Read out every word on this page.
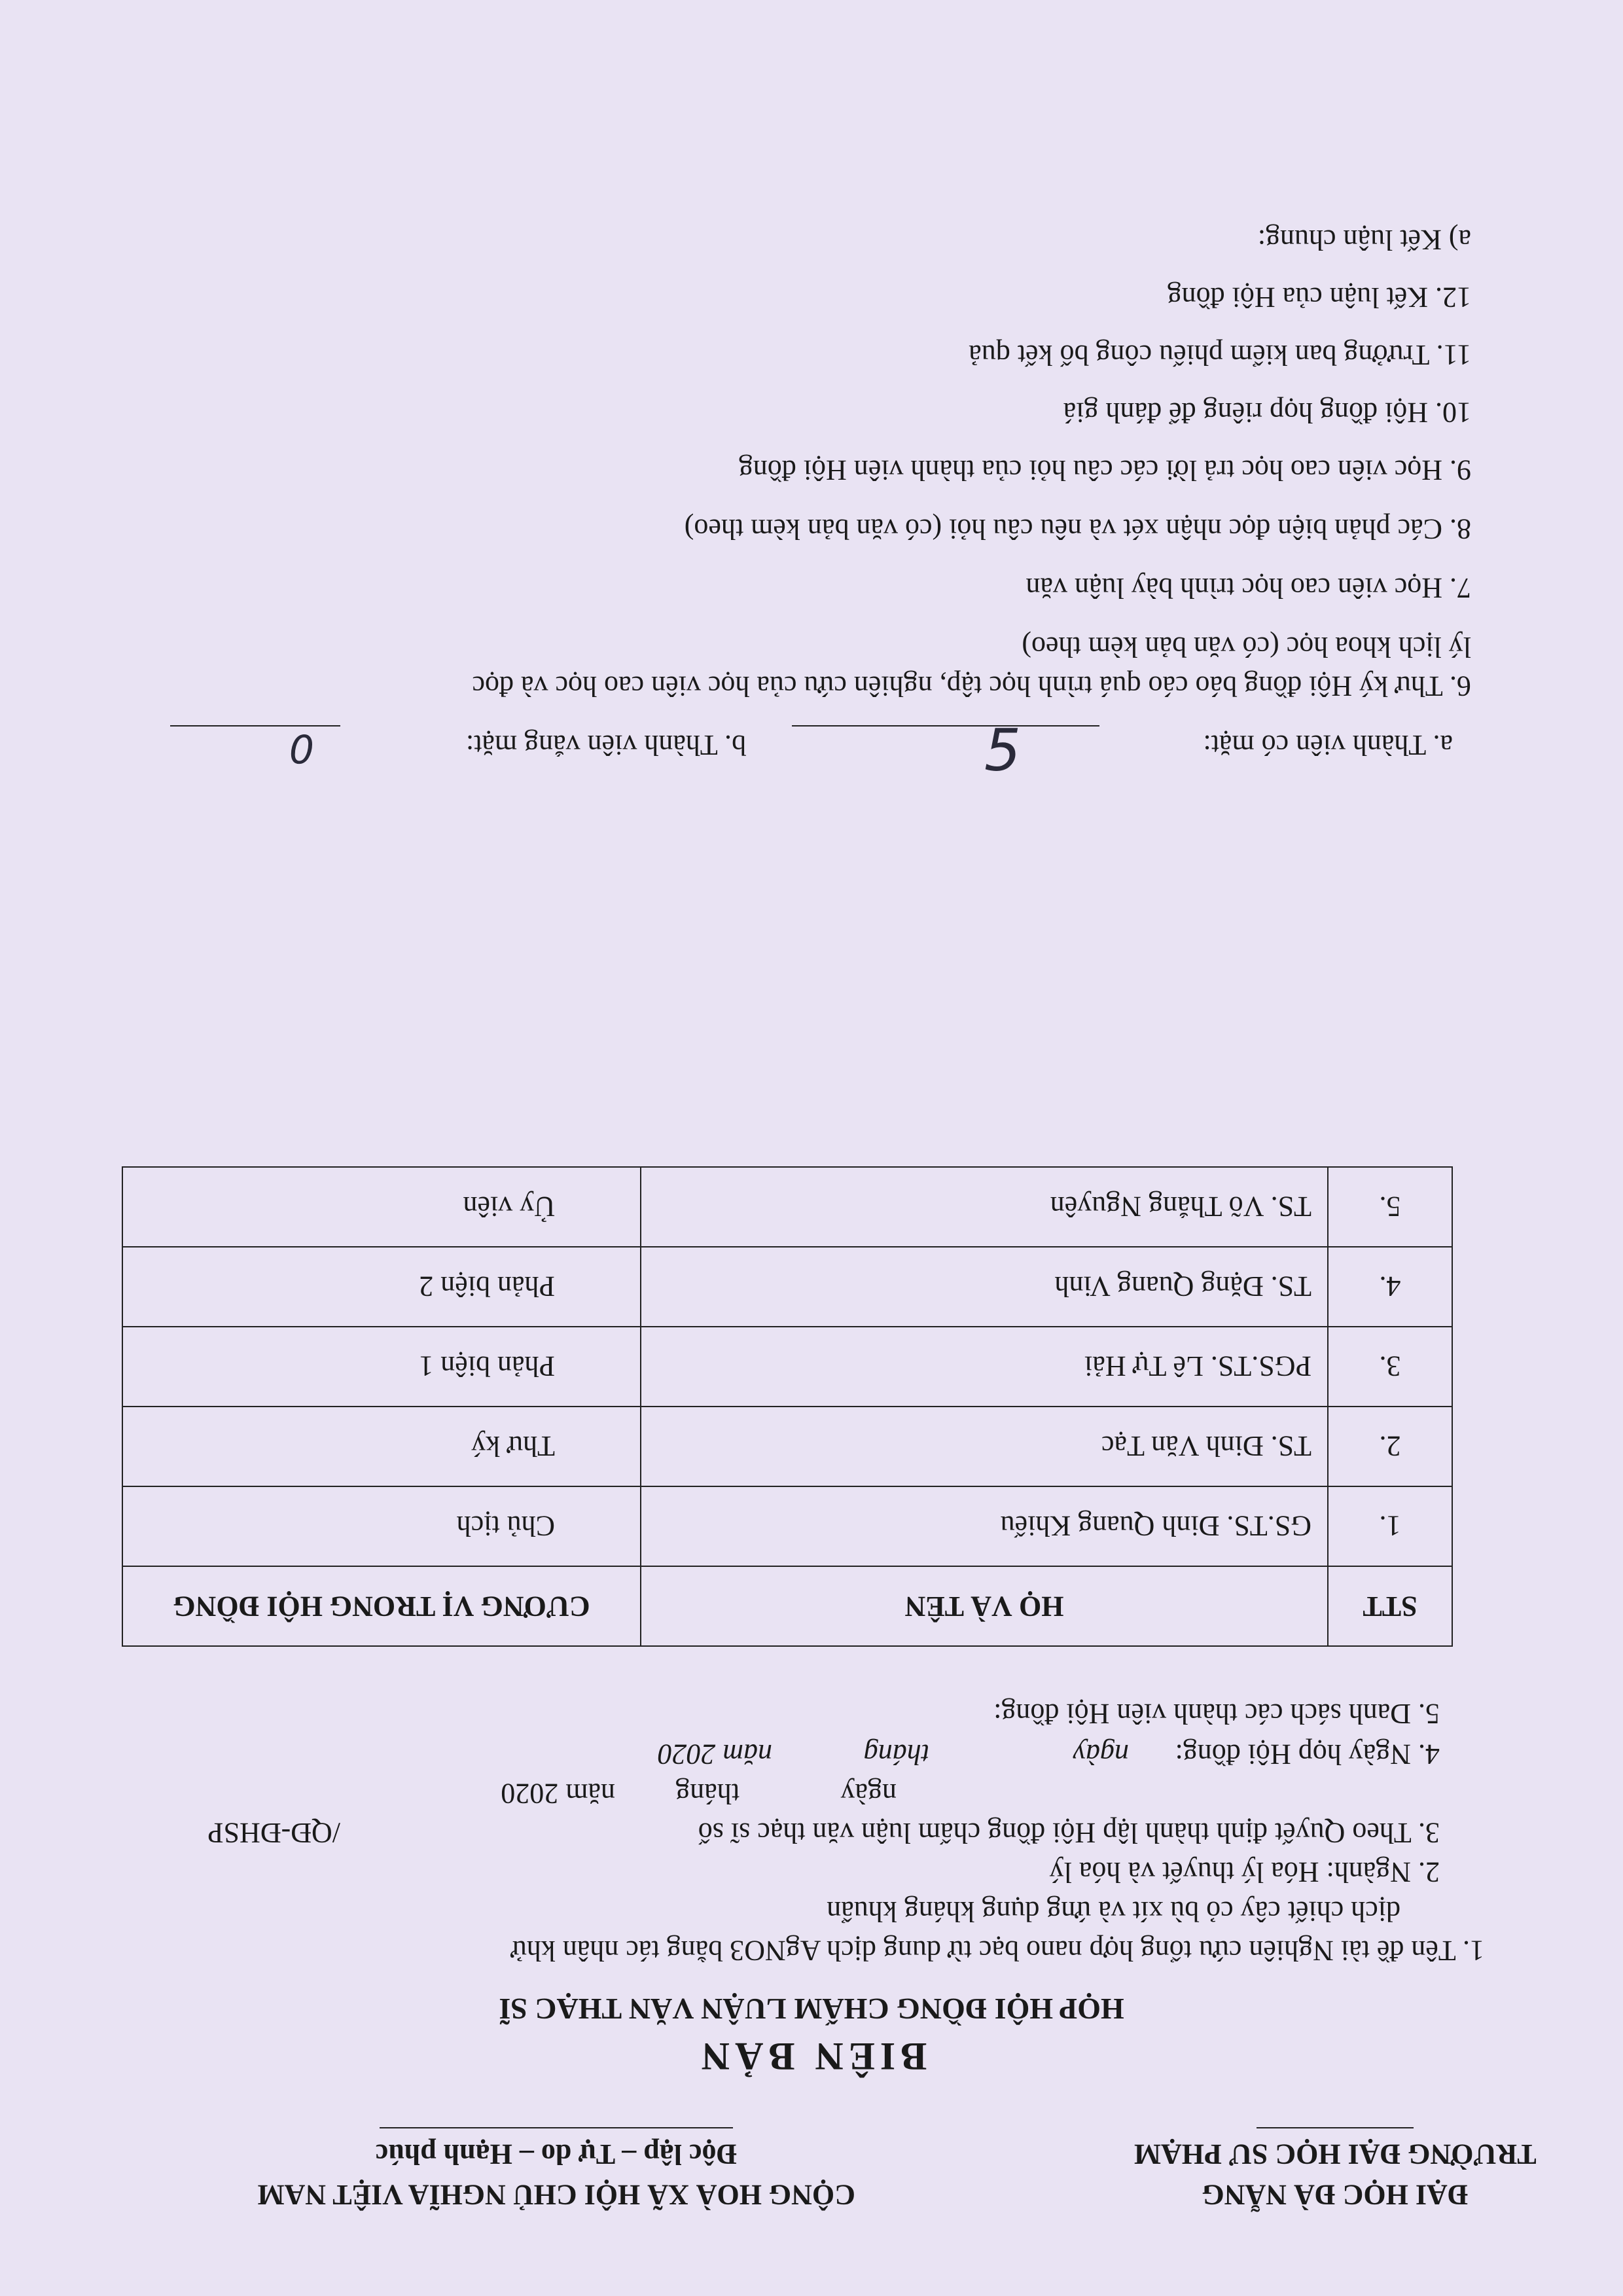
ĐẠI HỌC ĐÀ NẴNG
TRƯỜNG ĐẠI HỌC SƯ PHẠM
CỘNG HOÀ XÃ HỘI CHỦ NGHĨA VIỆT NAM
Độc lập – Tự do – Hạnh phúc
BIÊN BẢN
HỌP HỘI ĐỒNG CHẤM LUẬN VĂN THẠC SĨ
1. Tên đề tài Nghiên cứu tổng hợp nano bạc từ dung dịch AgNO3 bằng tác nhân khử
dịch chiết cây cỏ bù xít và ứng dụng kháng khuẩn
2. Ngành: Hóa lý thuyết và hóa lý
3. Theo Quyết định thành lập Hội đồng chấm luận văn thạc sĩ số
/QĐ-ĐHSP
ngày
tháng
năm 2020
4. Ngày họp Hội đồng:
ngày
tháng
năm 2020
5. Danh sách các thành viên Hội đồng:
STT	HỌ VÀ TÊN	CƯƠNG VỊ TRONG HỘI ĐỒNG
1.	GS.TS. Đinh Quang Khiếu	Chủ tịch
2.	TS. Đinh Văn Tạc	Thư ký
3.	PGS.TS. Lê Tự Hải	Phản biện 1
4.	TS. Đặng Quang Vinh	Phản biện 2
5.	TS. Võ Thắng Nguyên	Ủy viên
a. Thành viên có mặt:
5
b. Thành viên vắng mặt:
0
6. Thư ký Hội đồng báo cáo quá trình học tập, nghiên cứu của học viên cao học và đọc
lý lịch khoa học (có văn bản kèm theo)
7. Học viên cao học trình bày luận văn
8. Các phản biện đọc nhận xét và nêu câu hỏi (có văn bản kèm theo)
9. Học viên cao học trả lời các câu hỏi của thành viên Hội đồng
10. Hội đồng họp riêng để đánh giá
11. Trưởng ban kiểm phiếu công bố kết quả
12. Kết luận của Hội đồng
a) Kết luận chung:
